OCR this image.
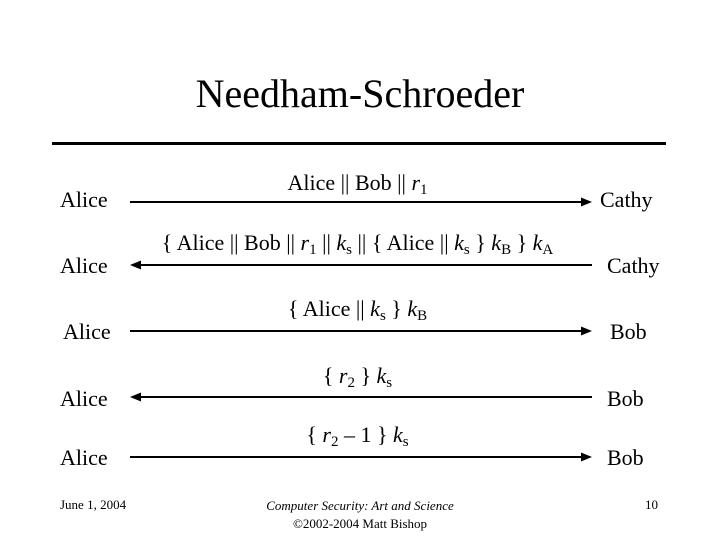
Needham-Schroeder
Alice	Cathy
Alice || Bob || $r_1$
Alice	Cathy
{ Alice || Bob || $r_1$ || $k_s$ || { Alice || $k_s$ } $k_B$ } $k_A$
Alice	Bob
{ Alice || $k_s$ } $k_B$
Alice	Bob
{ $r_2$ } $k_s$
Alice	Bob
{ $r_2 - 1$ } $k_s$
June 1, 2004	Computer Security: Art and Science
©2002-2004 Matt Bishop
10
